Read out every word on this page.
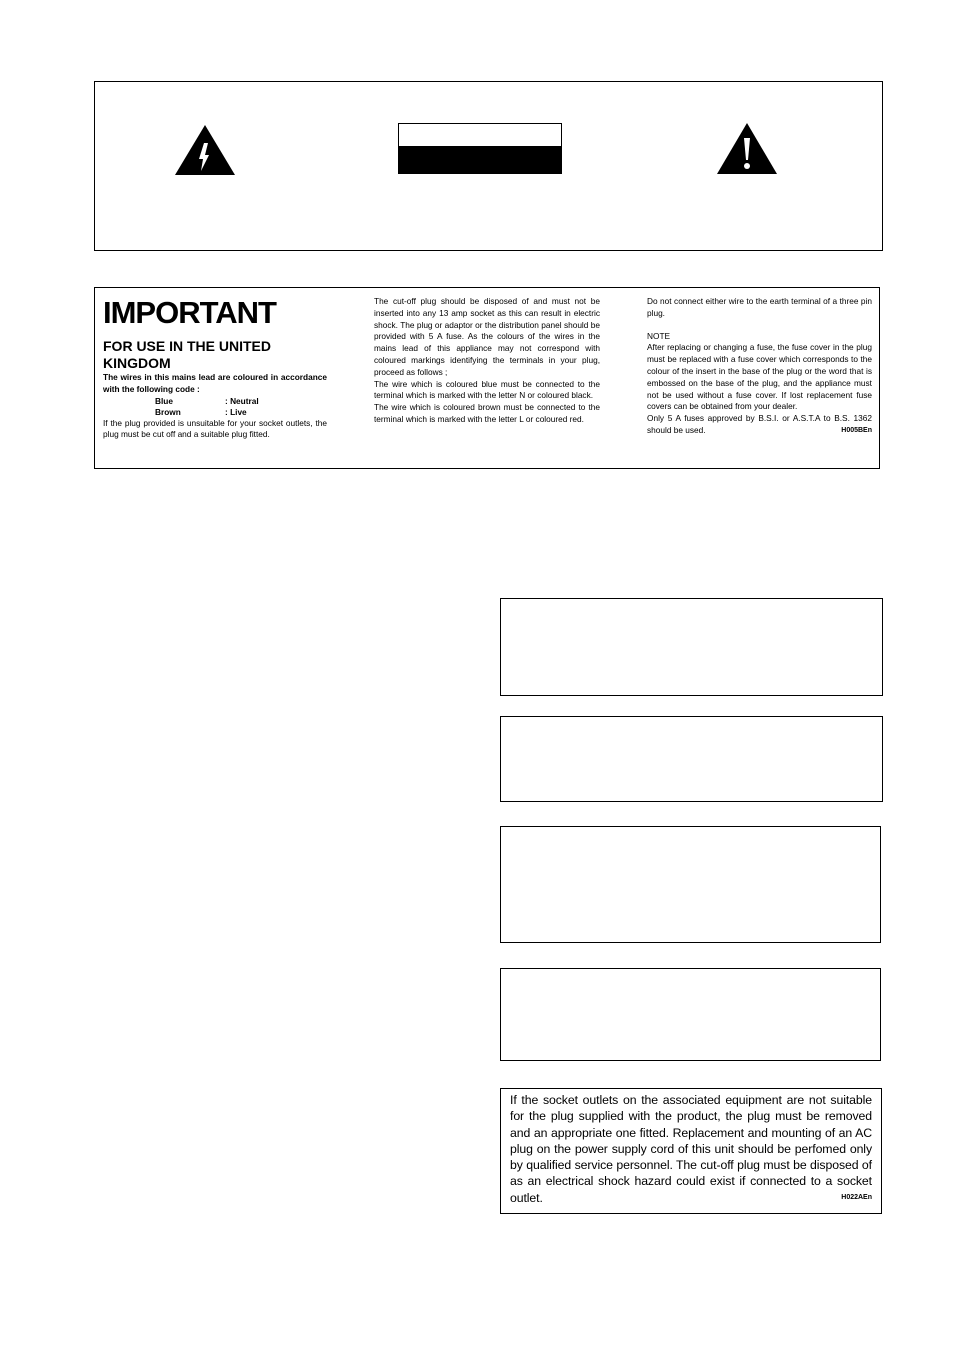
IMPORTANT
FOR USE IN THE UNITED KINGDOM
The wires in this mains lead are coloured in accordance with the following code :
Blue	: Neutral
Brown	: Live
If the plug provided is unsuitable for your socket outlets, the plug must be cut off and a suitable plug fitted.
The cut-off plug should be disposed of and must not be inserted into any 13 amp socket as this can result in electric shock. The plug or adaptor or the distribution panel should be provided with 5 A fuse. As the colours of the wires in the mains lead of this appliance may not correspond with coloured markings identifying the terminals in your plug, proceed as follows ;
The wire which is coloured blue must be connected to the terminal which is marked with the letter N or coloured black.
The wire which is coloured brown must be connected to the terminal which is marked with the letter L or coloured red.
Do not connect either wire to the earth terminal of a three pin plug.
NOTE
After replacing or changing a fuse, the fuse cover in the plug must be replaced with a fuse cover which corresponds to the colour of the insert in the base of the plug or the word that is embossed on the base of the plug, and the appliance must not be used without a fuse cover. If lost replacement fuse covers can be obtained from your dealer.
Only 5 A fuses approved by B.S.I. or A.S.T.A to B.S. 1362 should be used.	H005BEn
If the socket outlets on the associated equipment are not suitable for the plug supplied with the product, the plug must be removed and an appropriate one fitted. Replacement and mounting of an AC plug on the power supply cord of this unit should be perfomed only by qualified service personnel. The cut-off plug must be disposed of as an electrical shock hazard could exist if connected to a socket outlet.	H022AEn
